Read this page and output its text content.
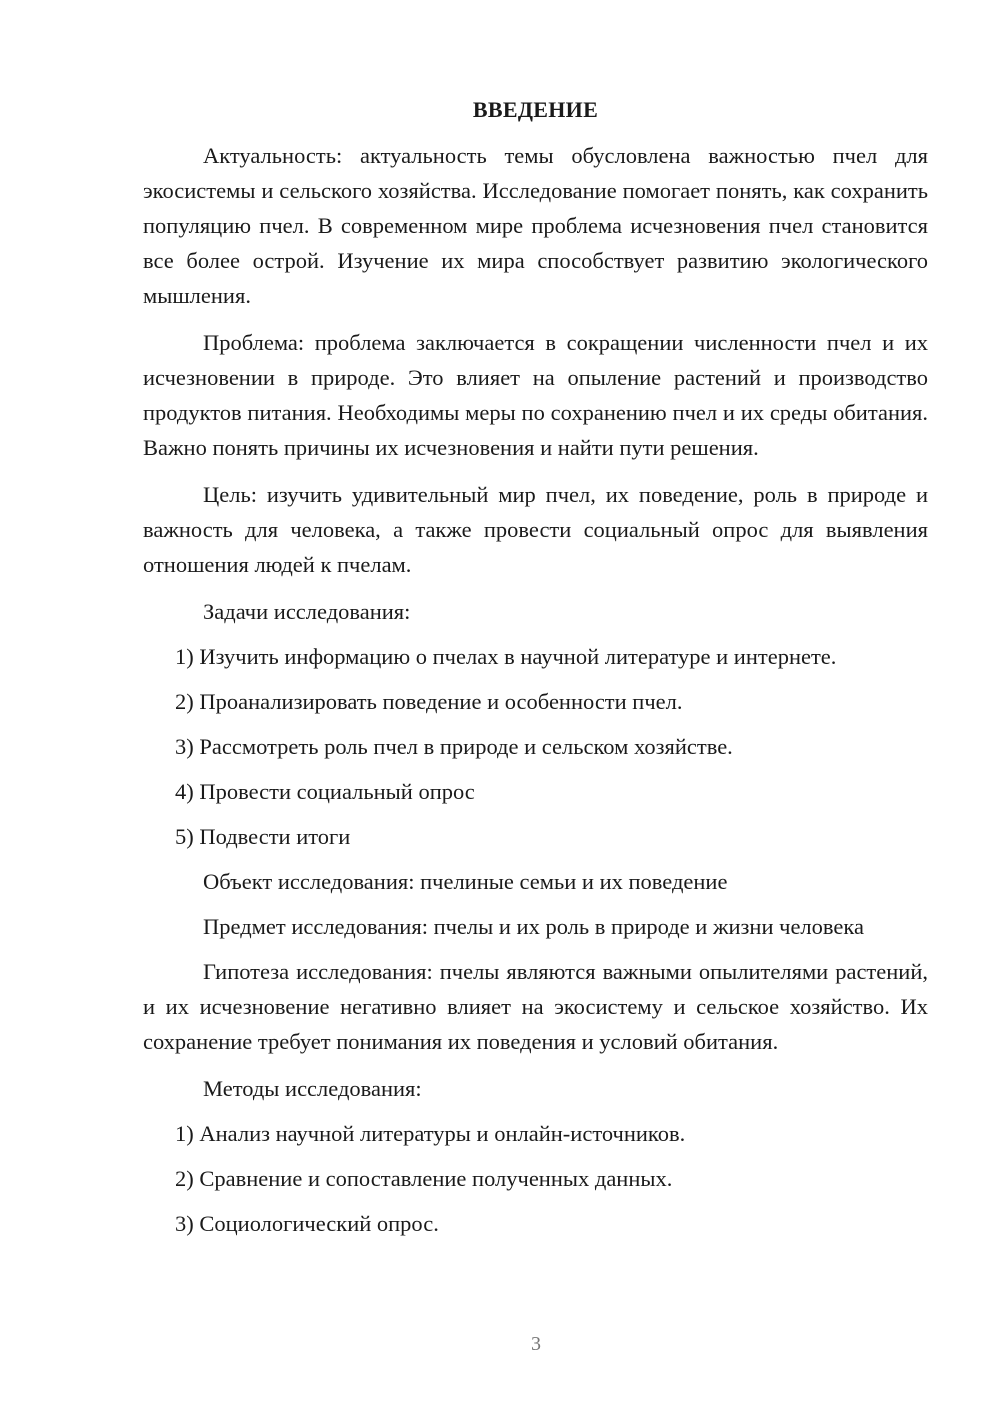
ВВЕДЕНИЕ

Актуальность: актуальность темы обусловлена важностью пчел для экосистемы и сельского хозяйства. Исследование помогает понять, как сохранить популяцию пчел. В современном мире проблема исчезновения пчел становится все более острой. Изучение их мира способствует развитию экологического мышления.

Проблема: проблема заключается в сокращении численности пчел и их исчезновении в природе. Это влияет на опыление растений и производство продуктов питания. Необходимы меры по сохранению пчел и их среды обитания. Важно понять причины их исчезновения и найти пути решения.

Цель: изучить удивительный мир пчел, их поведение, роль в природе и важность для человека, а также провести социальный опрос для выявления отношения людей к пчелам.

Задачи исследования:
1) Изучить информацию о пчелах в научной литературе и интернете.
2) Проанализировать поведение и особенности пчел.
3) Рассмотреть роль пчел в природе и сельском хозяйстве.
4) Провести социальный опрос
5) Подвести итоги
Объект исследования: пчелиные семьи и их поведение
Предмет исследования: пчелы и их роль в природе и жизни человека

Гипотеза исследования: пчелы являются важными опылителями растений, и их исчезновение негативно влияет на экосистему и сельское хозяйство. Их сохранение требует понимания их поведения и условий обитания.

Методы исследования:
1) Анализ научной литературы и онлайн-источников.
2) Сравнение и сопоставление полученных данных.
3) Социологический опрос.
3
